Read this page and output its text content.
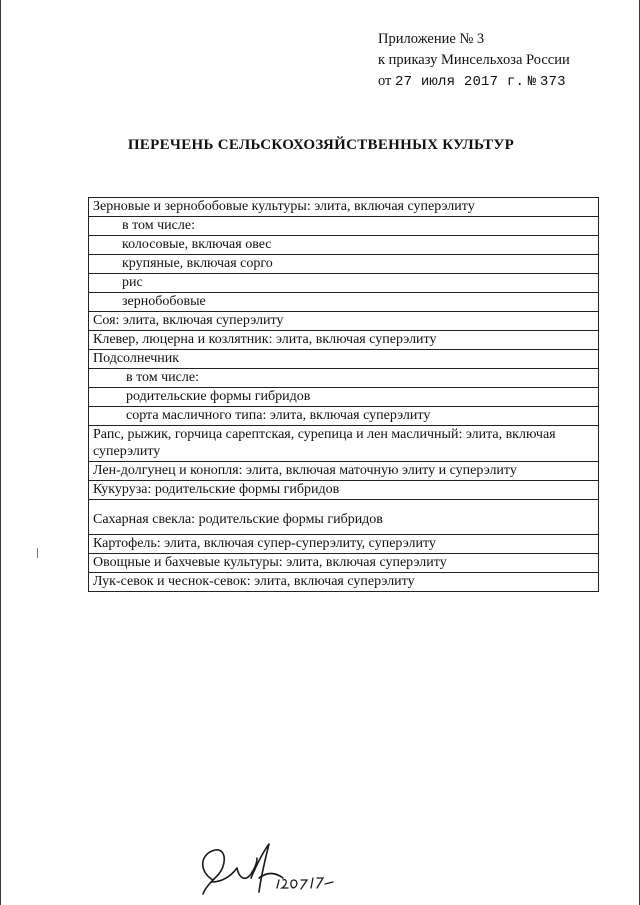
Приложение № 3
к приказу Минсельхоза России
от 27 июля 2017 г. № 373
ПЕРЕЧЕНЬ СЕЛЬСКОХОЗЯЙСТВЕННЫХ КУЛЬТУР
Зерновые и зернобобовые культуры: элита, включая суперэлиту
в том числе:
колосовые, включая овес
крупяные, включая сорго
рис
зернобобовые
Соя: элита, включая суперэлиту
Клевер, люцерна и козлятник: элита, включая суперэлиту
Подсолнечник
в том числе:
родительские формы гибридов
сорта масличного типа: элита, включая суперэлиту
Рапс, рыжик, горчица сарептская, сурепица и лен масличный: элита, включая суперэлиту
Лен-долгунец и конопля: элита, включая маточную элиту и суперэлиту
Кукуруза: родительские формы гибридов
Сахарная свекла: родительские формы гибридов
Картофель: элита, включая супер-суперэлиту, суперэлиту
Овощные и бахчевые культуры: элита, включая суперэлиту
Лук-севок и чеснок-севок: элита, включая суперэлиту
